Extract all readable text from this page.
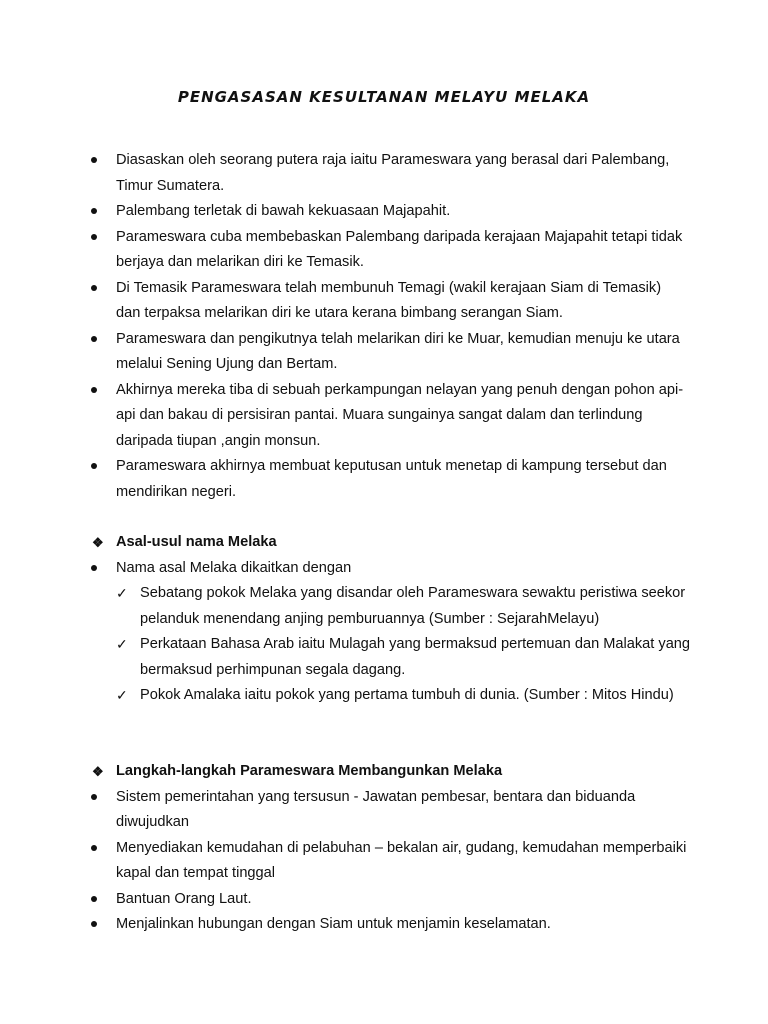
PENGASASAN KESULTANAN MELAYU MELAKA
Diasaskan oleh seorang putera raja iaitu Parameswara yang berasal dari Palembang, Timur Sumatera.
Palembang terletak di bawah kekuasaan Majapahit.
Parameswara cuba membebaskan Palembang daripada kerajaan Majapahit tetapi tidak berjaya dan melarikan diri ke Temasik.
Di Temasik Parameswara telah membunuh Temagi (wakil kerajaan Siam di Temasik) dan terpaksa melarikan diri ke utara kerana bimbang serangan Siam.
Parameswara dan pengikutnya telah melarikan diri ke Muar, kemudian menuju ke utara melalui Sening Ujung dan Bertam.
Akhirnya mereka tiba di sebuah perkampungan nelayan yang penuh dengan pohon api-api dan bakau di persisiran pantai. Muara sungainya sangat dalam dan terlindung daripada tiupan ,angin monsun.
Parameswara akhirnya membuat keputusan untuk menetap di kampung tersebut dan mendirikan negeri.
❖ Asal-usul nama Melaka
Nama asal Melaka dikaitkan dengan
✓ Sebatang pokok Melaka yang disandar oleh Parameswara sewaktu peristiwa seekor pelanduk menendang anjing pemburuannya (Sumber : SejarahMelayu)
✓ Perkataan Bahasa Arab iaitu Mulagah yang bermaksud pertemuan dan Malakat yang bermaksud perhimpunan segala dagang.
✓ Pokok Amalaka iaitu pokok yang pertama tumbuh di dunia. (Sumber : Mitos Hindu)
❖ Langkah-langkah Parameswara Membangunkan Melaka
Sistem pemerintahan yang tersusun - Jawatan pembesar, bentara dan biduanda diwujudkan
Menyediakan kemudahan di pelabuhan – bekalan air, gudang, kemudahan memperbaiki kapal dan tempat tinggal
Bantuan Orang Laut.
Menjalinkan hubungan dengan Siam untuk menjamin keselamatan.
